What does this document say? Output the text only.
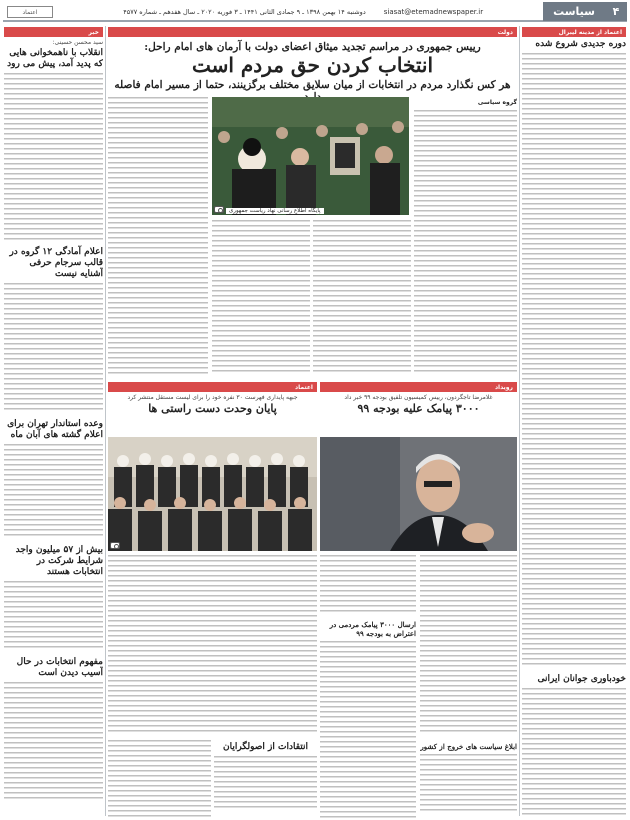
۴
سیاست
siasat@etemadnewspaper.ir
دوشنبه ۱۴ بهمن ۱۳۹۸ ـ ۹ جمادی الثانی ۱۴۴۱ ـ ۳ فوریه ۲۰۲۰ ـ سال هفدهم ـ شماره ۴۵۷۷
اعتماد
اعتماد از مدینه لیبرال
دوره جدیدی شروع شده
خودباوری جوانان ایرانی
خبر
سید محسن حسینی:
انقلاب با ناهمخوانی هایی که پدید آمد، پیش می رود
اعلام آمادگی ۱۲ گروه در قالب سرجام حرفی آشنایه نیست
وعده استاندار تهران برای اعلام گشته های آبان ماه
بیش از ۵۷ میلیون واجد شرایط شرکت در انتخابات هستند
مفهوم انتخابات در حال آسیب دیدن است
دولت
رییس جمهوری در مراسم تجدید میثاق اعضای دولت با آرمان های امام راحل:
انتخاب کردن حق مردم است
هر کس نگذارد مردم در انتخابات از میان سلایق مختلف برگزینند، حتما از مسیر امام فاصله
پایگاه اطلاع رسانی نهاد ریاست جمهوری
گروه سیاسی
اعتماد
جبهه پایداری فهرست ۳۰ نفره خود را برای لیست مستقل منتشر کرد
پایان وحدت دست راستی ها
انتقادات از اصولگرایان
رویداد
غلامرضا تاجگردون، رییس کمیسیون تلفیق بودجه ۹۹ خبر داد
۳۰۰۰ پیامک علیه بودجه ۹۹
ارسال ۳۰۰۰ پیامک مردمی در اعتراض به بودجه ۹۹
ابلاغ سیاست های خروج از کشور
